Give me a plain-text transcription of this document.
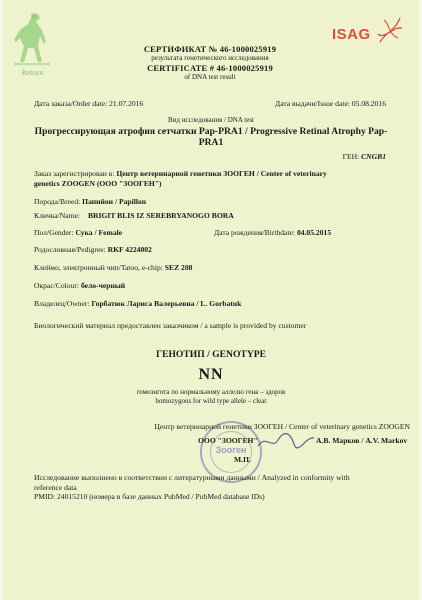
Зооген
ISAG
СЕРТИФИКАТ № 46-1000025919
результата генетического исследования
CERTIFICATE # 46-1000025919
of DNA test result
Дата заказа/Order date: 21.07.2016	Дата выдачи/Issue date: 05.08.2016
Вид исследования / DNA test
Прогрессирующая атрофия сетчатки Pap-PRA1 / Progressive Retinal Atrophy Pap-
PRA1
ГЕН: CNGB1
Заказ зарегистрирован в: Центр ветеринарной генетики ЗООГЕН / Center of veterinary
genetics ZOOGEN (ООО "ЗООГЕН")
Порода/Breed: Папийон / Papillon
Кличка/Name: BRIGIT BLIS IZ SEREBRYANOGO BORA
Пол/Gender: Сука / Female	Дата рождения/Birthdate: 04.05.2015
Родословная/Pedigree: RKF 4224002
Клеймо, электронный чип/Tatoo, e-chip: SEZ 208
Окрас/Colour: бело-черный
Владелец/Owner: Горбатюк Лариса Валерьевна / L. Gorbatuk
Биологический материал предоставлен заказчиком / a sample is provided by customer
ГЕНОТИП / GENOTYPE
NN
гомозигота по нормальному аллелю гена – здоров
homozygous for wild type allele – clear
Зооген
Центр ветеринарной генетики ЗООГЕН / Center of veterinary genetics ZOOGEN
ООО "ЗООГЕН"	А.В. Марков / A.V. Markov
М.П.
Исследование выполнено в соответствии с литературными данными / Analyzed in conformity with
reference data
PMID: 24015210 (номера в базе данных PubMed / PubMed database IDs)
